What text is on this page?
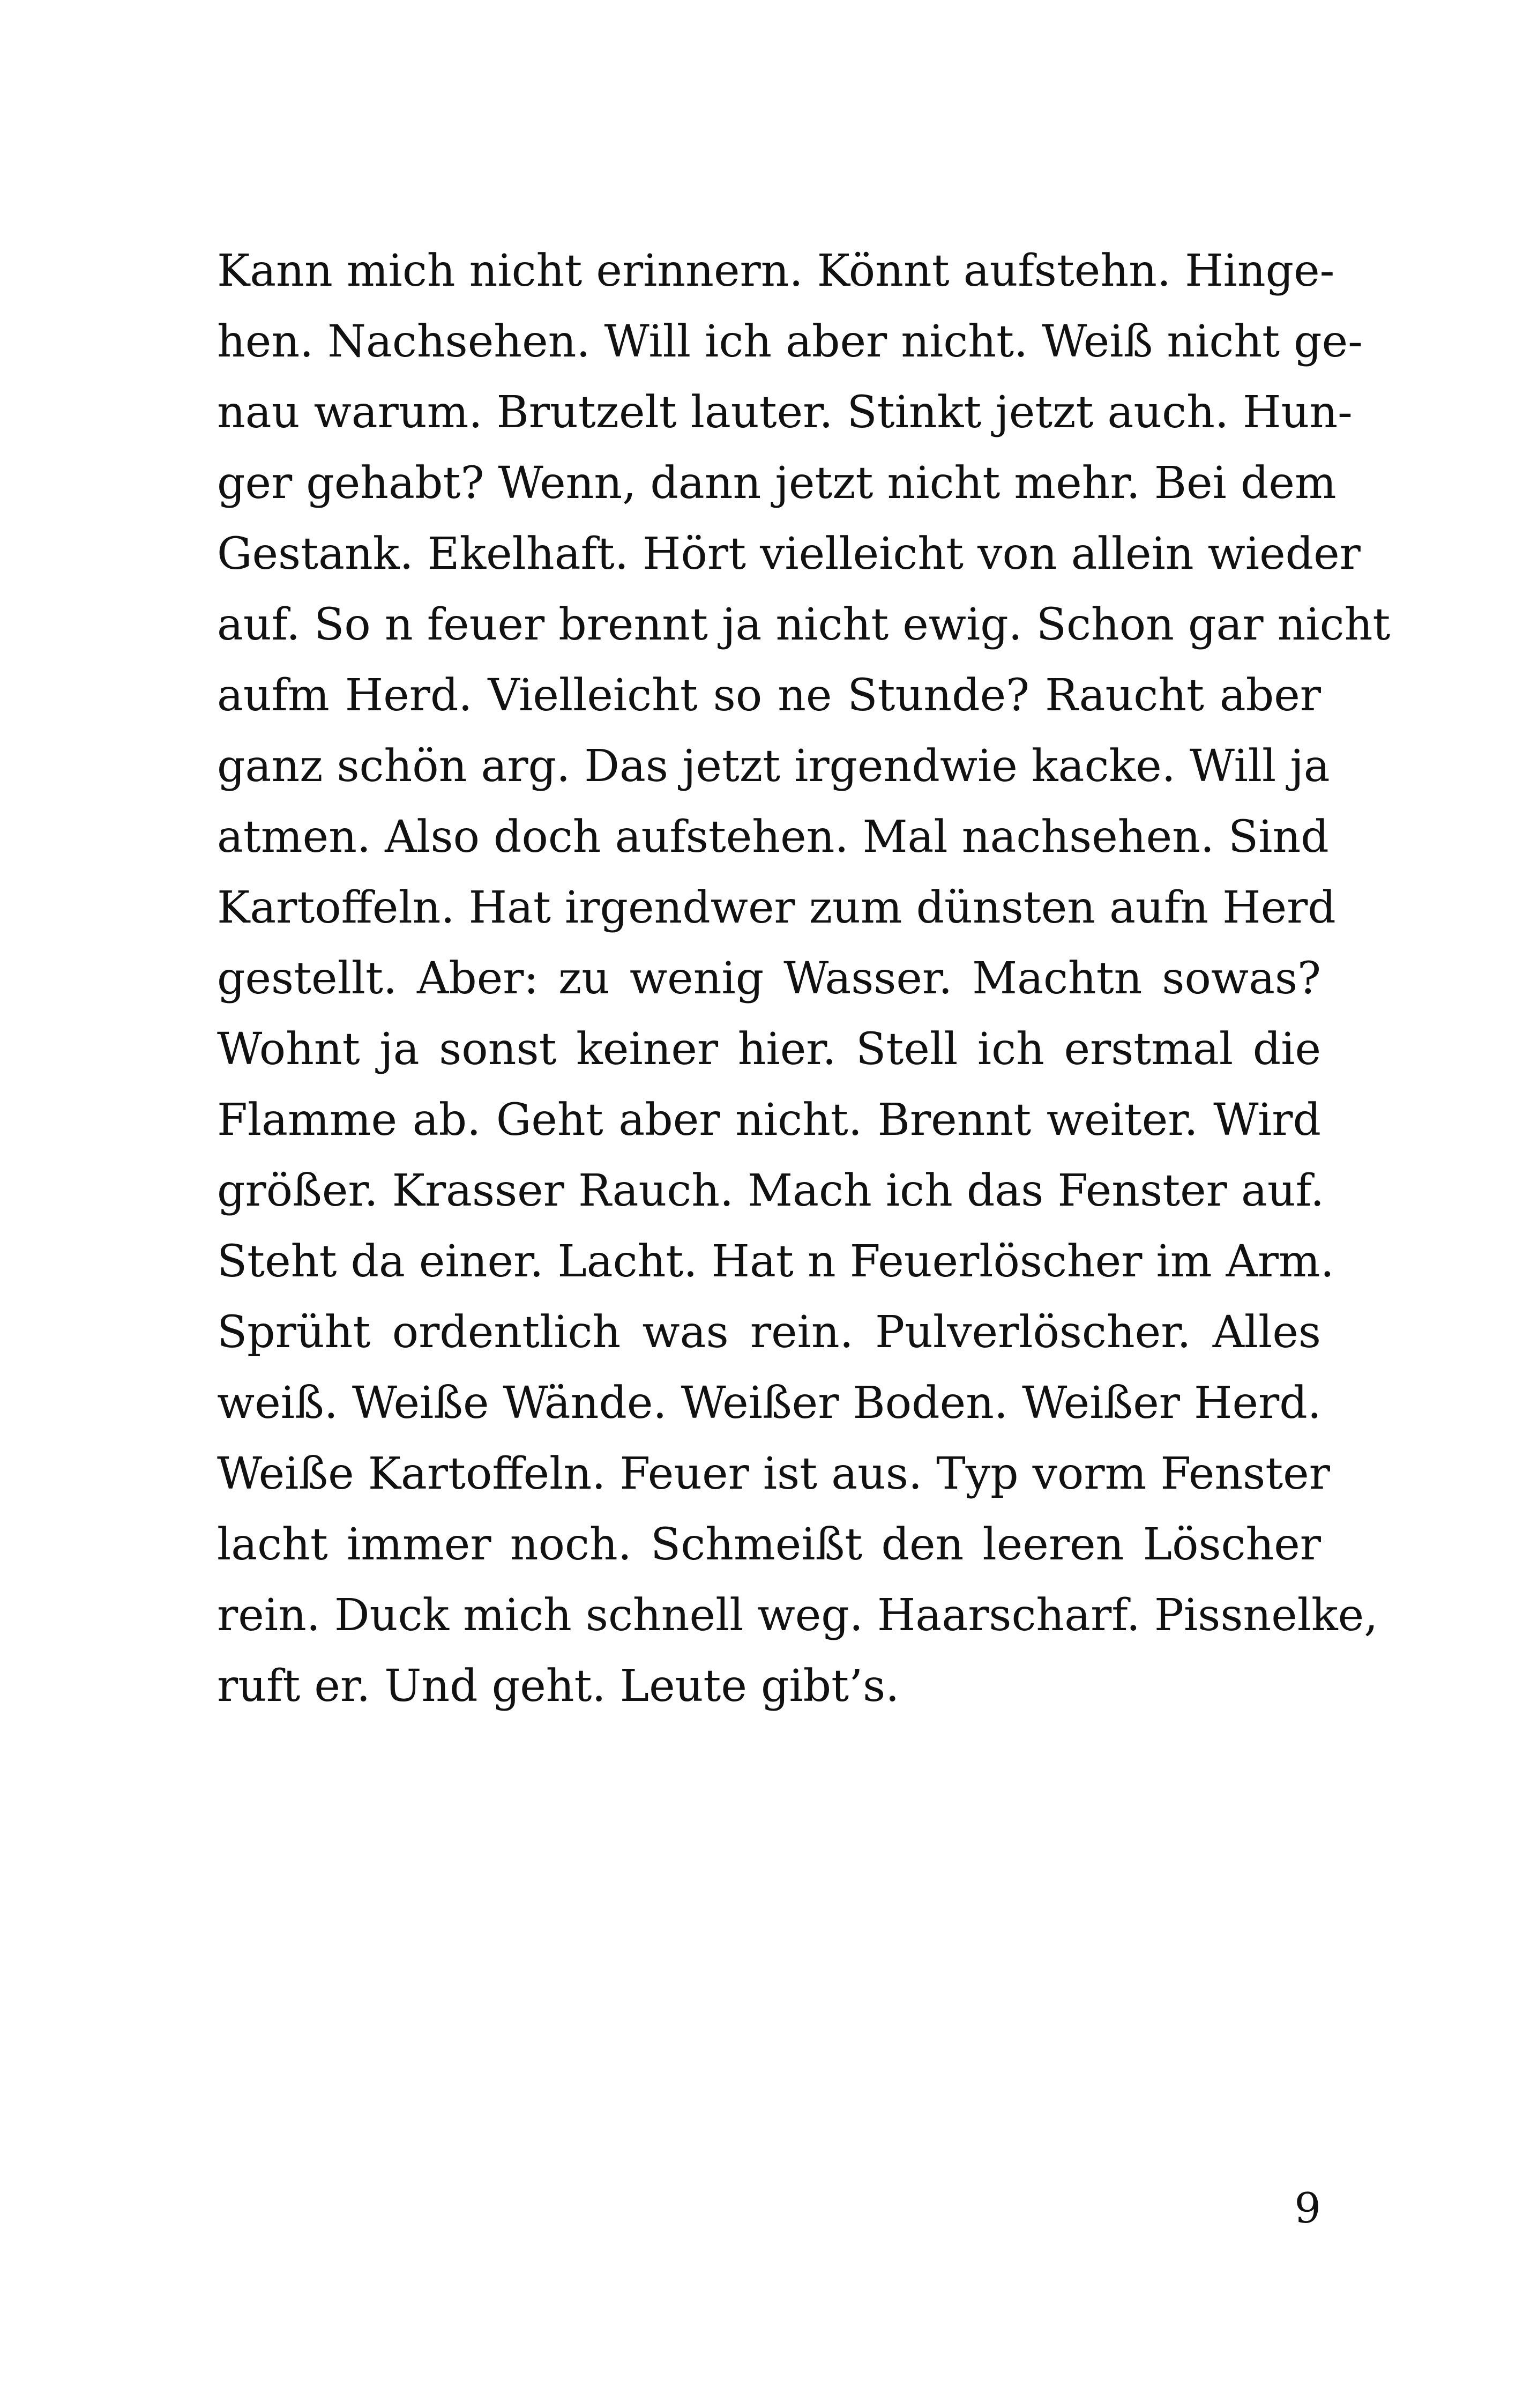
Kann mich nicht erinnern. Könnt aufstehn. Hinge-
hen. Nachsehen. Will ich aber nicht. Weiß nicht ge-
nau warum. Brutzelt lauter. Stinkt jetzt auch. Hun-
ger gehabt? Wenn, dann jetzt nicht mehr. Bei dem
Gestank. Ekelhaft. Hört vielleicht von allein wieder
auf. So n feuer brennt ja nicht ewig. Schon gar nicht
aufm Herd. Vielleicht so ne Stunde? Raucht aber
ganz schön arg. Das jetzt irgendwie kacke. Will ja
atmen. Also doch aufstehen. Mal nachsehen. Sind
Kartoffeln. Hat irgendwer zum dünsten aufn Herd
gestellt. Aber: zu wenig Wasser. Machtn sowas?
Wohnt ja sonst keiner hier. Stell ich erstmal die
Flamme ab. Geht aber nicht. Brennt weiter. Wird
größer. Krasser Rauch. Mach ich das Fenster auf.
Steht da einer. Lacht. Hat n Feuerlöscher im Arm.
Sprüht ordentlich was rein. Pulverlöscher. Alles
weiß. Weiße Wände. Weißer Boden. Weißer Herd.
Weiße Kartoffeln. Feuer ist aus. Typ vorm Fenster
lacht immer noch. Schmeißt den leeren Löscher
rein. Duck mich schnell weg. Haarscharf. Pissnelke,
ruft er. Und geht. Leute gibt’s.
9
